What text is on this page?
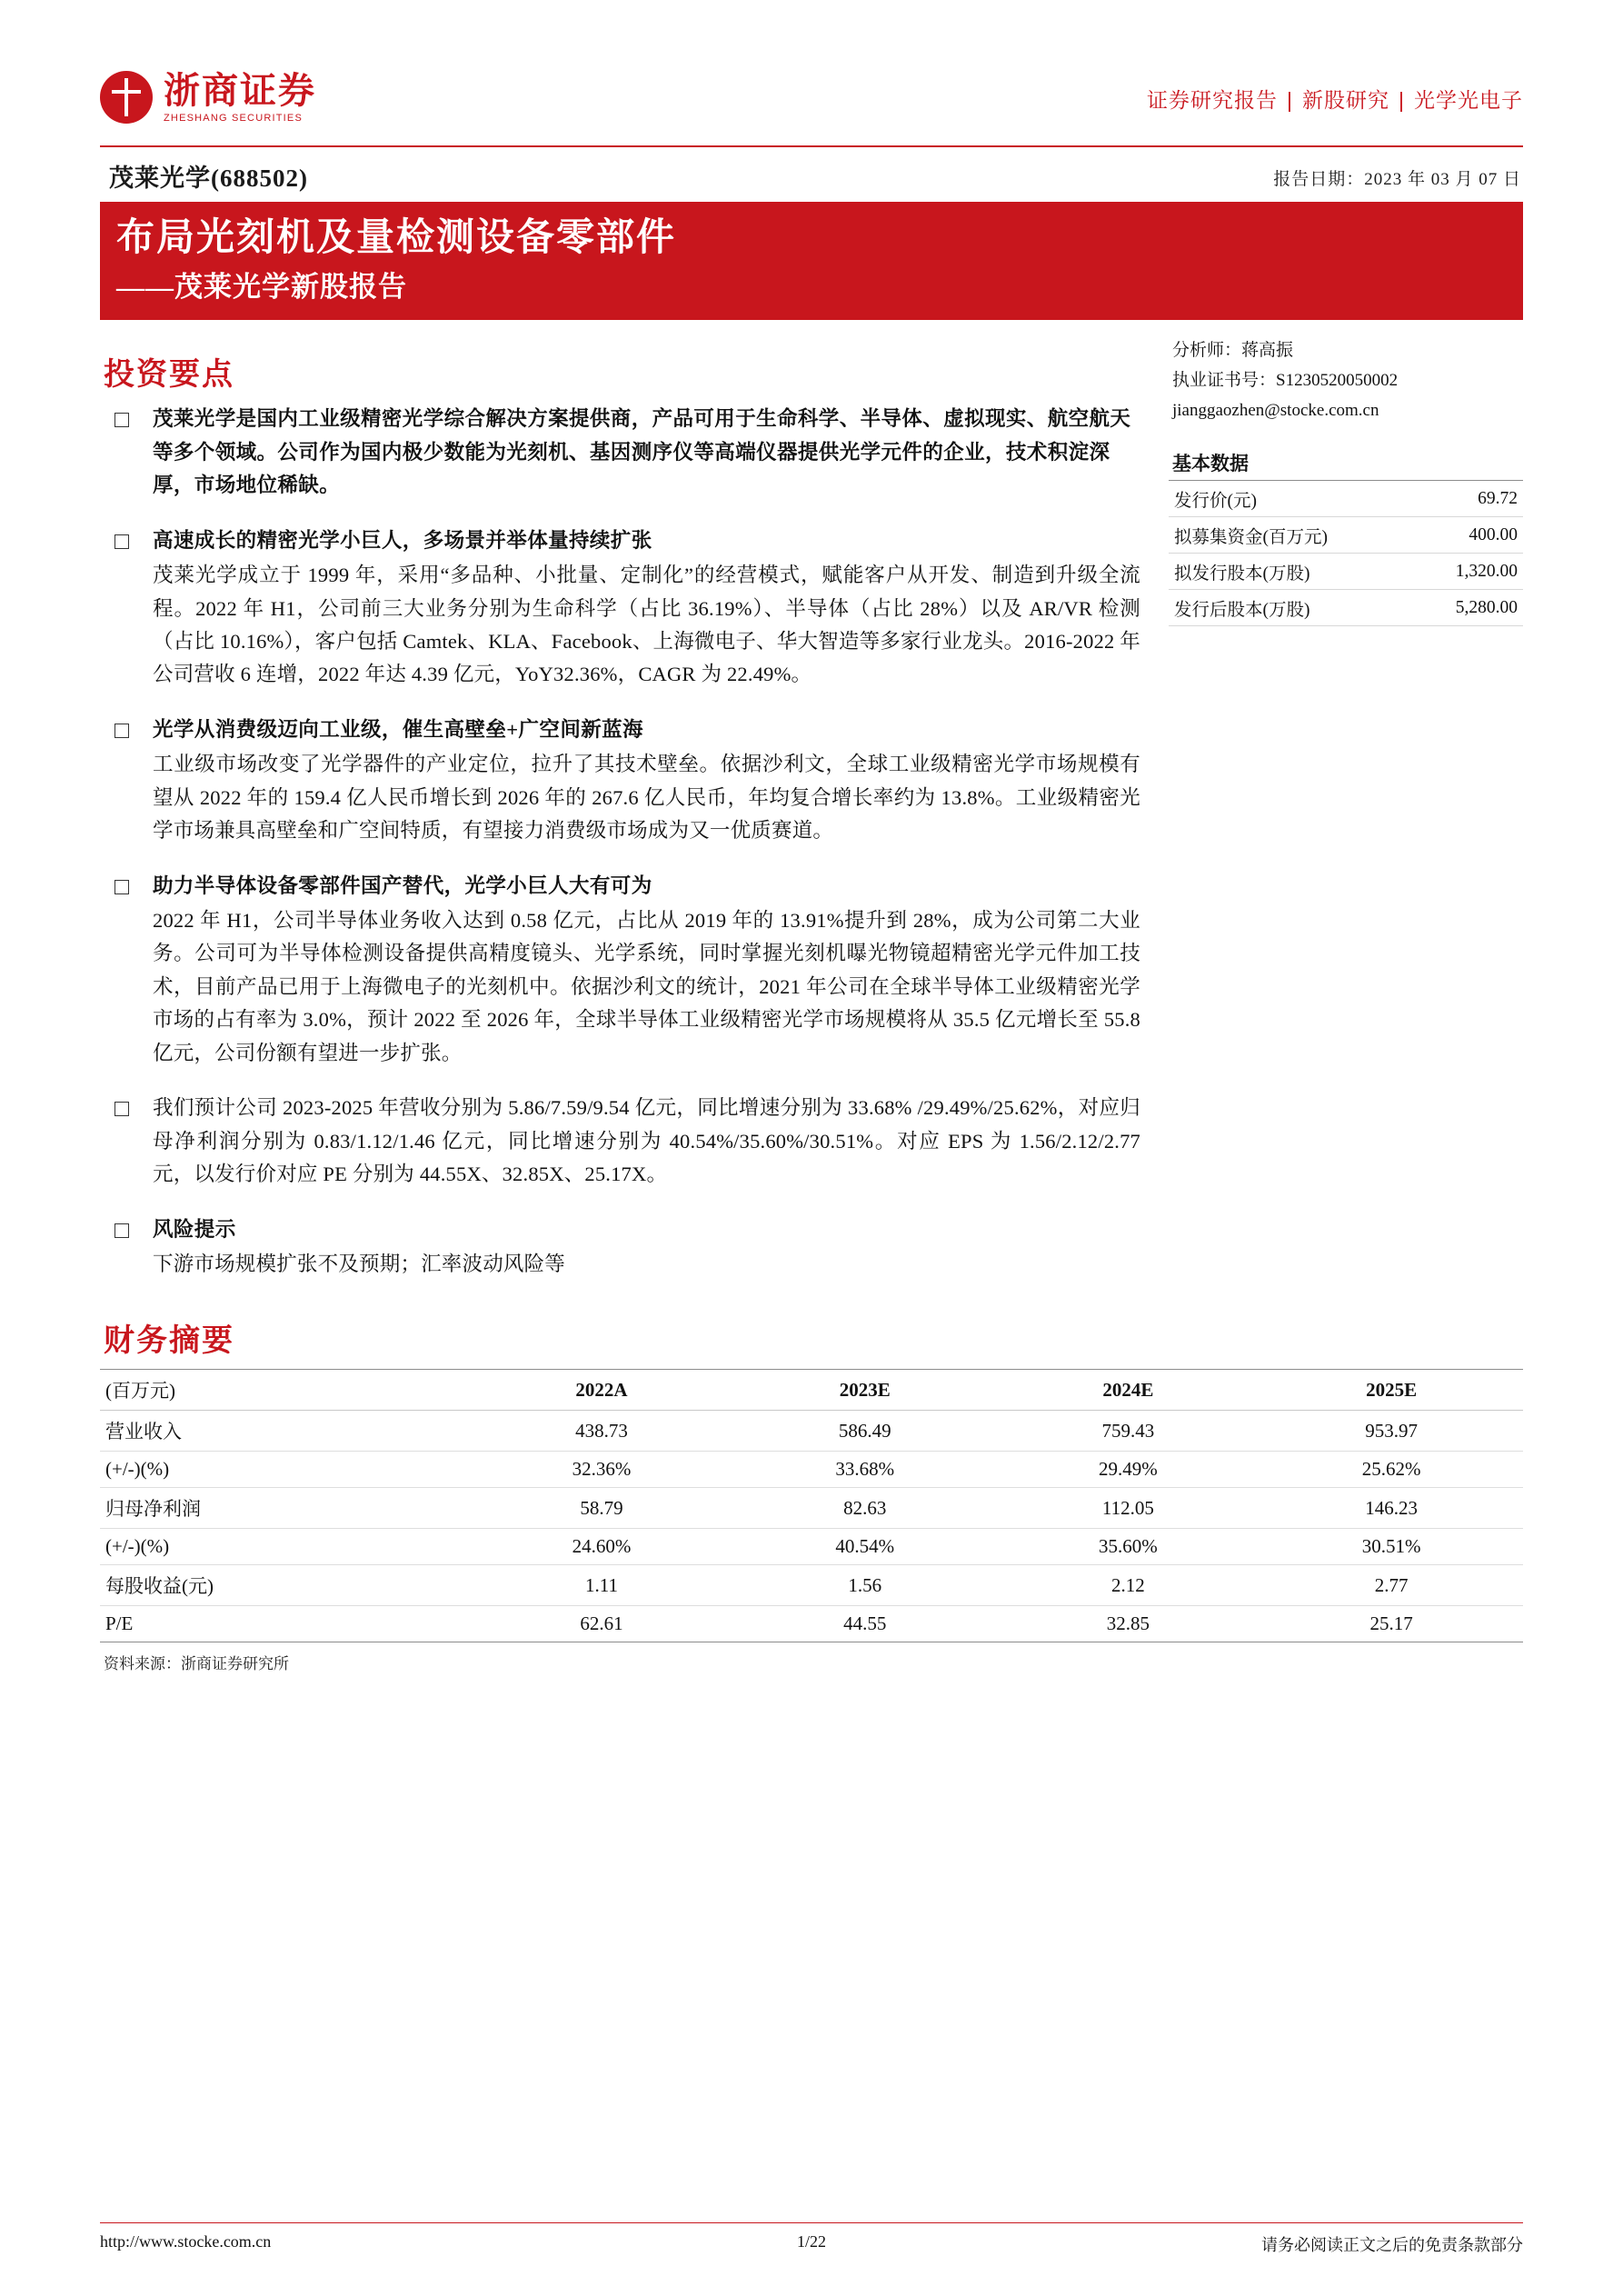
浙商证券
ZHESHANG SECURITIES
证券研究报告 | 新股研究 | 光学光电子
茂莱光学(688502)	报告日期：2023 年 03 月 07 日
布局光刻机及量检测设备零部件
——茂莱光学新股报告
分析师：蒋高振
执业证书号：S1230520050002
jianggaozhen@stocke.com.cn
基本数据
发行价(元)	69.72
拟募集资金(百万元)	400.00
拟发行股本(万股)	1,320.00
发行后股本(万股)	5,280.00
投资要点
茂莱光学是国内工业级精密光学综合解决方案提供商，产品可用于生命科学、半导体、虚拟现实、航空航天等多个领域。公司作为国内极少数能为光刻机、基因测序仪等高端仪器提供光学元件的企业，技术积淀深厚，市场地位稀缺。
高速成长的精密光学小巨人，多场景并举体量持续扩张
茂莱光学成立于 1999 年，采用“多品种、小批量、定制化”的经营模式，赋能客户从开发、制造到升级全流程。2022 年 H1，公司前三大业务分别为生命科学（占比 36.19%）、半导体（占比 28%）以及 AR/VR 检测（占比 10.16%），客户包括 Camtek、KLA、Facebook、上海微电子、华大智造等多家行业龙头。2016-2022 年公司营收 6 连增，2022 年达 4.39 亿元，YoY32.36%，CAGR 为 22.49%。
光学从消费级迈向工业级，催生高壁垒+广空间新蓝海
工业级市场改变了光学器件的产业定位，拉升了其技术壁垒。依据沙利文，全球工业级精密光学市场规模有望从 2022 年的 159.4 亿人民币增长到 2026 年的 267.6 亿人民币，年均复合增长率约为 13.8%。工业级精密光学市场兼具高壁垒和广空间特质，有望接力消费级市场成为又一优质赛道。
助力半导体设备零部件国产替代，光学小巨人大有可为
2022 年 H1，公司半导体业务收入达到 0.58 亿元，占比从 2019 年的 13.91%提升到 28%，成为公司第二大业务。公司可为半导体检测设备提供高精度镜头、光学系统，同时掌握光刻机曝光物镜超精密光学元件加工技术，目前产品已用于上海微电子的光刻机中。依据沙利文的统计，2021 年公司在全球半导体工业级精密光学市场的占有率为 3.0%，预计 2022 至 2026 年，全球半导体工业级精密光学市场规模将从 35.5 亿元增长至 55.8 亿元，公司份额有望进一步扩张。
我们预计公司 2023-2025 年营收分别为 5.86/7.59/9.54 亿元，同比增速分别为 33.68% /29.49%/25.62%，对应归母净利润分别为 0.83/1.12/1.46 亿元，同比增速分别为 40.54%/35.60%/30.51%。对应 EPS 为 1.56/2.12/2.77 元，以发行价对应 PE 分别为 44.55X、32.85X、25.17X。
风险提示
下游市场规模扩张不及预期；汇率波动风险等
财务摘要
(百万元)	2022A	2023E	2024E	2025E
营业收入	438.73	586.49	759.43	953.97
(+/-)(%)	32.36%	33.68%	29.49%	25.62%
归母净利润	58.79	82.63	112.05	146.23
(+/-)(%)	24.60%	40.54%	35.60%	30.51%
每股收益(元)	1.11	1.56	2.12	2.77
P/E	62.61	44.55	32.85	25.17
资料来源：浙商证券研究所
http://www.stocke.com.cn	1/22	请务必阅读正文之后的免责条款部分
